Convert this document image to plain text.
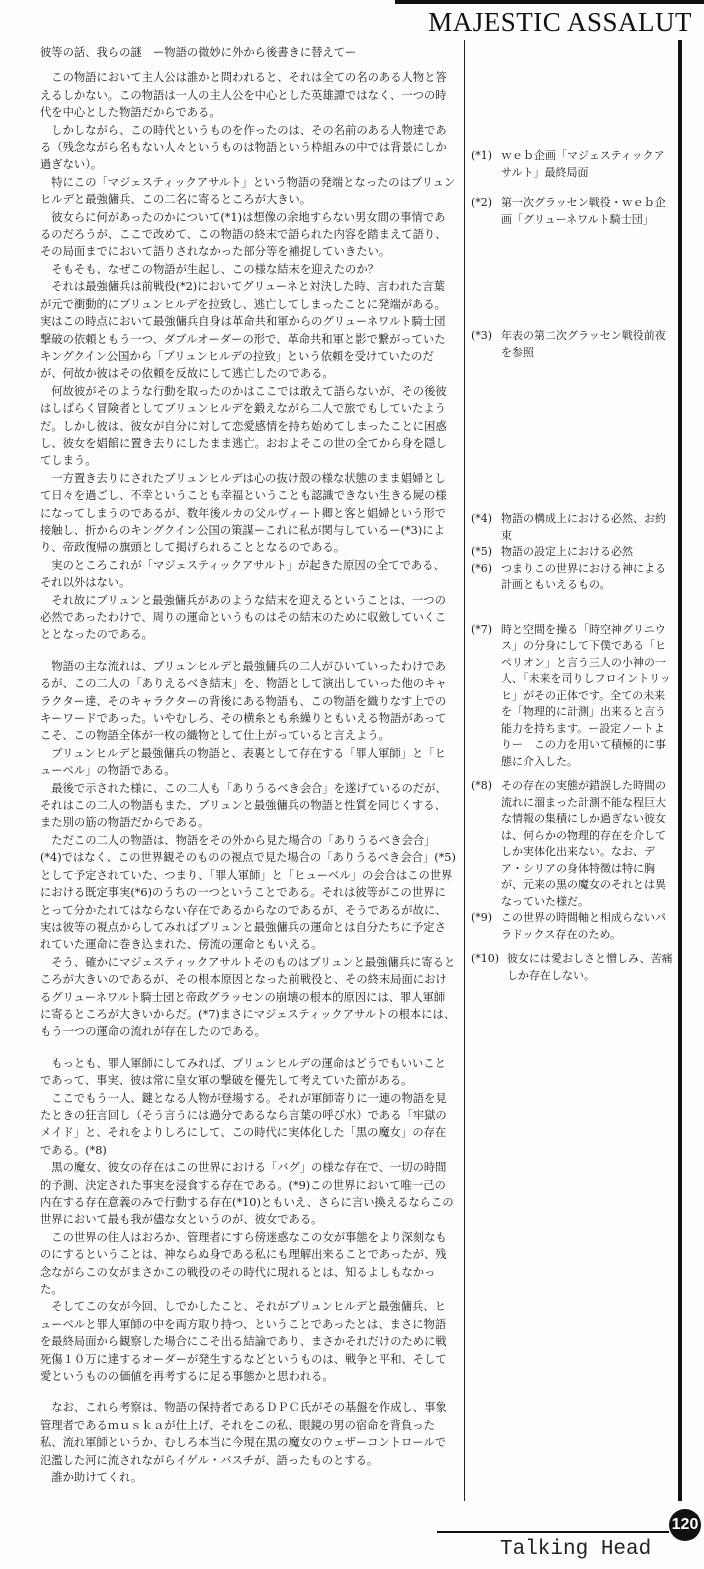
MAJESTIC ASSALUT

彼等の話、我らの謎　ー物語の微妙に外から後書きに替えてー

この物語において主人公は誰かと問われると、それは全ての名のある人物と答えるしかない。この物語は一人の主人公を中心とした英雄譚ではなく、一つの時代を中心とした物語だからである。

しかしながら、この時代というものを作ったのは、その名前のある人物達である（残念ながら名もない人々というものは物語という枠組みの中では背景にしか過ぎない）。

特にこの「マジェスティックアサルト」という物語の発端となったのはブリュンヒルデと最強傭兵、この二名に寄るところが大きい。

彼女らに何があったのかについて(*1)は想像の余地すらない男女間の事情であるのだろうが、ここで改めて、この物語の終末で語られた内容を踏まえて語り、その局面までにおいて語りされなかった部分等を補捉していきたい。

そもそも、なぜこの物語が生起し、この様な結末を迎えたのか？

それは最強傭兵は前戦役(*2)においてグリューネと対決した時、言われた言葉が元で衝動的にブリュンヒルデを拉致し、逃亡してしまったことに発端がある。実はこの時点において最強傭兵自身は革命共和軍からのグリューネワルト騎士団撃破の依頼ともう一つ、ダブルオーダーの形で、革命共和軍と影で繋がっていたキングクイン公国から「ブリュンヒルデの拉致」という依頼を受けていたのだが、何故か彼はその依頼を反故にして逃亡したのである。

何故彼がそのような行動を取ったのかはここでは敢えて語らないが、その後彼はしばらく冒険者としてブリュンヒルデを鍛えながら二人で旅でもしていたようだ。しかし彼は、彼女が自分に対して恋愛感情を持ち始めてしまったことに困惑し、彼女を娼館に置き去りにしたまま逃亡。おおよそこの世の全てから身を隠してしまう。

一方置き去りにされたブリュンヒルデは心の抜け殻の様な状態のまま娼婦として日々を過ごし、不幸ということも幸福ということも認識できない生きる屍の様になってしまうのであるが、数年後ルカの父ルヴィート卿と客と娼婦という形で接触し、折からのキングクイン公国の策謀ーこれに私が関与しているー(*3)により、帝政復帰の旗頭として掲げられることとなるのである。

実のところこれが「マジェスティックアサルト」が起きた原因の全てである、それ以外はない。

それ故にブリュンと最強傭兵があのような結末を迎えるということは、一つの必然であったわけで、周りの運命というものはその結末のために収斂していくこととなったのである。

物語の主な流れは、ブリュンヒルデと最強傭兵の二人がひいていったわけであるが、この二人の「ありえるべき結末」を、物語として演出していった他のキャラクター達、そのキャラクターの背後にある物語も、この物語を織りなす上でのキーワードであった。いやむしろ、その横糸とも糸繰りともいえる物語があってこそ、この物語全体が一枚の織物として仕上がっていると言えよう。

ブリュンヒルデと最強傭兵の物語と、表裏として存在する「罪人軍師」と「ヒューベル」の物語である。

最後で示された様に、この二人も「ありうるべき会合」を遂げているのだが、それはこの二人の物語もまた、ブリュンと最強傭兵の物語と性質を同じくする、また別の筋の物語だからである。

ただこの二人の物語は、物語をその外から見た場合の「ありうるべき会合」(*4)ではなく、この世界観そのものの視点で見た場合の「ありうるべき会合」(*5)として予定されていた、つまり、「罪人軍師」と「ヒューベル」の会合はこの世界における既定事実(*6)のうちの一つということである。それは彼等がこの世界にとって分かたれてはならない存在であるからなのであるが、そうであるが故に、実は彼等の視点からしてみればブリュンと最強傭兵の運命とは自分たちに予定されていた運命に巻き込まれた、傍流の運命ともいえる。

そう、確かにマジェスティックアサルトそのものはブリュンと最強傭兵に寄るところが大きいのであるが、その根本原因となった前戦役と、その終末局面におけるグリューネワルト騎士団と帝政グラッセンの崩壊の根本的原因には、罪人軍師に寄るところが大きいからだ。(*7)まさにマジェスティックアサルトの根本には、もう一つの運命の流れが存在したのである。

もっとも、罪人軍師にしてみれば、ブリュンヒルデの運命はどうでもいいことであって、事実、彼は常に皇女軍の撃破を優先して考えていた節がある。

ここでもう一人、鍵となる人物が登場する。それが軍師寄りに一連の物語を見たときの狂言回し（そう言うには過分であるなら言葉の呼び水）である「牢獄のメイド」と、それをよりしろにして、この時代に実体化した「黒の魔女」の存在である。(*8)

黒の魔女、彼女の存在はこの世界における「バグ」の様な存在で、一切の時間的予測、決定された事実を浸食する存在である。(*9)この世界において唯一己の内在する存在意義のみで行動する存在(*10)ともいえ、さらに言い換えるならこの世界において最も我が儘な女というのが、彼女である。

この世界の住人はおろか、管理者にすら傍迷惑なこの女が事態をより深刻なものにするということは、神ならぬ身である私にも理解出来ることであったが、残念ながらこの女がまさかこの戦役のその時代に現れるとは、知るよしもなかった。

そしてこの女が今回、しでかしたこと、それがブリュンヒルデと最強傭兵、ヒューベルと罪人軍師の中を両方取り持つ、ということであったとは、まさに物語を最終局面から観察した場合にこそ出る結論であり、まさかそれだけのために戦死傷１０万に達するオーダーが発生するなどというものは、戦争と平和、そして愛というものの価値を再考するに足る事態かと思われる。

なお、これら考察は、物語の保持者であるＤＰＣ氏がその基盤を作成し、事象管理者であるｍｕｓｋａが仕上げ、それをこの私、眼鏡の男の宿命を背負った私、流れ軍師というか、むしろ本当に今現在黒の魔女のウェザーコントロールで氾濫した河に流されながらイゲル・バスチが、語ったものとする。

誰か助けてくれ。

(*1) ｗｅｂ企画「マジェスティックアサルト」最終局面
(*2) 第一次グラッセン戦役・ｗｅｂ企画「グリューネワルト騎士団」
(*3) 年表の第二次グラッセン戦役前夜を参照
(*4) 物語の構成上における必然、お約束
(*5) 物語の設定上における必然
(*6) つまりこの世界における神による計画ともいえるもの。
(*7) 時と空間を操る「時空神グリニウス」の分身にして下僕である「ヒペリオン」と言う三人の小神の一人、「未来を司りしフロイントリッヒ」がその正体です。全ての未来を「物理的に計測」出来ると言う能力を持ちます。ー設定ノートよりー　この力を用いて積極的に事態に介入した。
(*8) その存在の実態が錯誤した時間の流れに溜まった計測不能な程巨大な情報の集積にしか過ぎない彼女は、何らかの物理的存在を介してしか実体化出来ない。なお、デア・シリアの身体特徴は特に胸が、元来の黒の魔女のそれとは異なっていた様だ。
(*9) この世界の時間軸と相成らないパラドックス存在のため。
(*10) 彼女には愛おしさと憎しみ、苦痛しか存在しない。
120
Talking Head
